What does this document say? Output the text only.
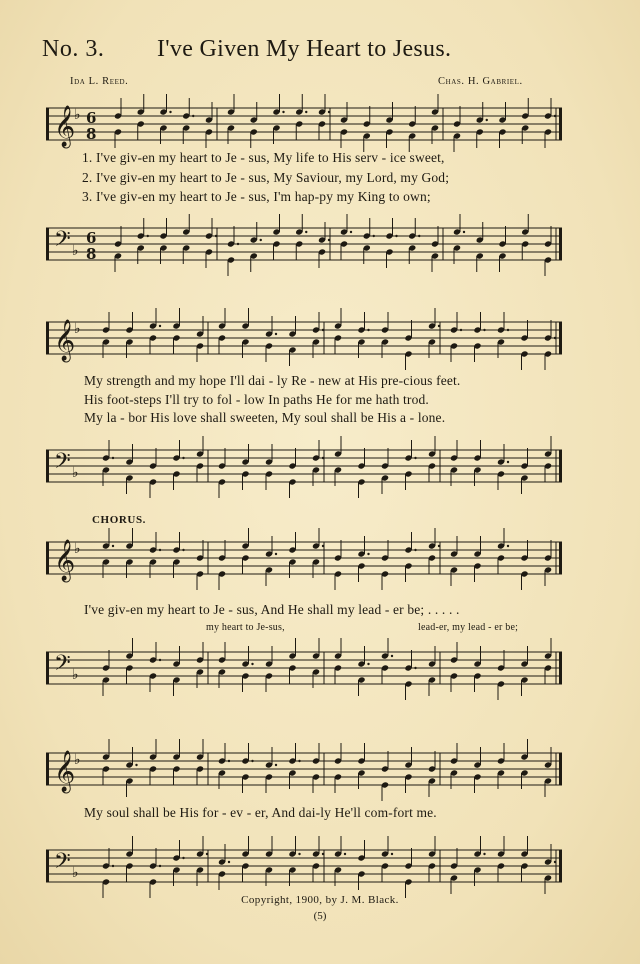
No. 3. I've Given My Heart to Jesus.
Ida L. Reed.	Chas. H. Gabriel.
𝄞
♭ 6
8
1. I've giv-en my heart to Je - sus, My life to His serv - ice sweet,
2. I've giv-en my heart to Je - sus, My Saviour, my Lord, my God;
3. I've giv-en my heart to Je - sus, I'm hap-py my King to own;
𝄢 ♭
6
8
𝄞
♭
My strength and my hope I'll dai - ly Re - new at His pre-cious feet.
His foot-steps I'll try to fol - low In paths He for me hath trod.
My la - bor His love shall sweeten, My soul shall be His a - lone.
𝄢 ♭
CHORUS.
𝄞
♭
I've giv-en my heart to Je - sus, And He shall my lead - er be; . . . . .
my heart to Je-sus,	lead-er, my lead - er be;
𝄢 ♭
𝄞
♭
My soul shall be His for - ev - er, And dai-ly He'll com-fort me.
𝄢 ♭
Copyright, 1900, by J. M. Black.
(5)
